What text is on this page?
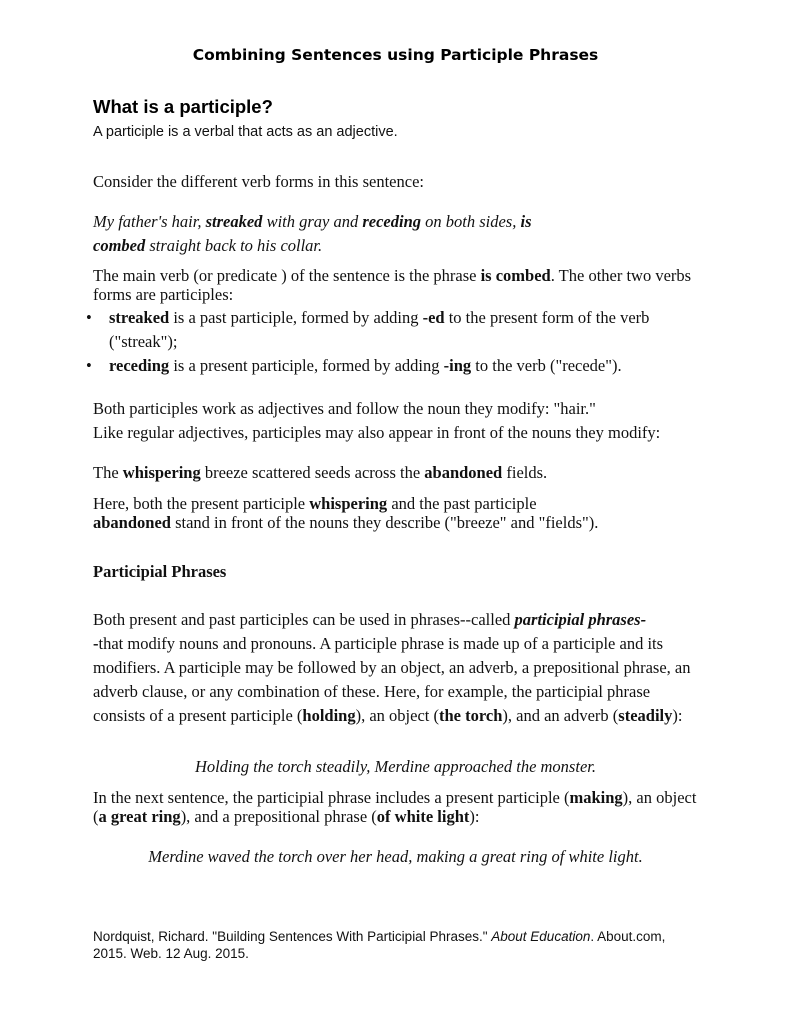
Combining Sentences using Participle Phrases
What is a participle?
A participle is a verbal that acts as an adjective.
Consider the different verb forms in this sentence:
My father's hair, streaked with gray and receding on both sides, is
combed straight back to his collar.
The main verb (or predicate ) of the sentence is the phrase is combed. The other two verbs forms are participles:
• streaked is a past participle, formed by adding -ed to the present form of the verb ("streak");
• receding is a present participle, formed by adding -ing to the verb ("recede").
Both participles work as adjectives and follow the noun they modify: "hair."
Like regular adjectives, participles may also appear in front of the nouns they modify:
The whispering breeze scattered seeds across the abandoned fields.
Here, both the present participle whispering and the past participle
abandoned stand in front of the nouns they describe ("breeze" and "fields").
Participial Phrases
Both present and past participles can be used in phrases--called participial phrases-
-that modify nouns and pronouns. A participle phrase is made up of a participle and its modifiers. A participle may be followed by an object, an adverb, a prepositional phrase, an adverb clause, or any combination of these. Here, for example, the participial phrase consists of a present participle (holding), an object (the torch), and an adverb (steadily):
Holding the torch steadily, Merdine approached the monster.
In the next sentence, the participial phrase includes a present participle (making), an object (a great ring), and a prepositional phrase (of white light):
Merdine waved the torch over her head, making a great ring of white light.
Nordquist, Richard. "Building Sentences With Participial Phrases." About Education. About.com, 2015. Web. 12 Aug. 2015.
